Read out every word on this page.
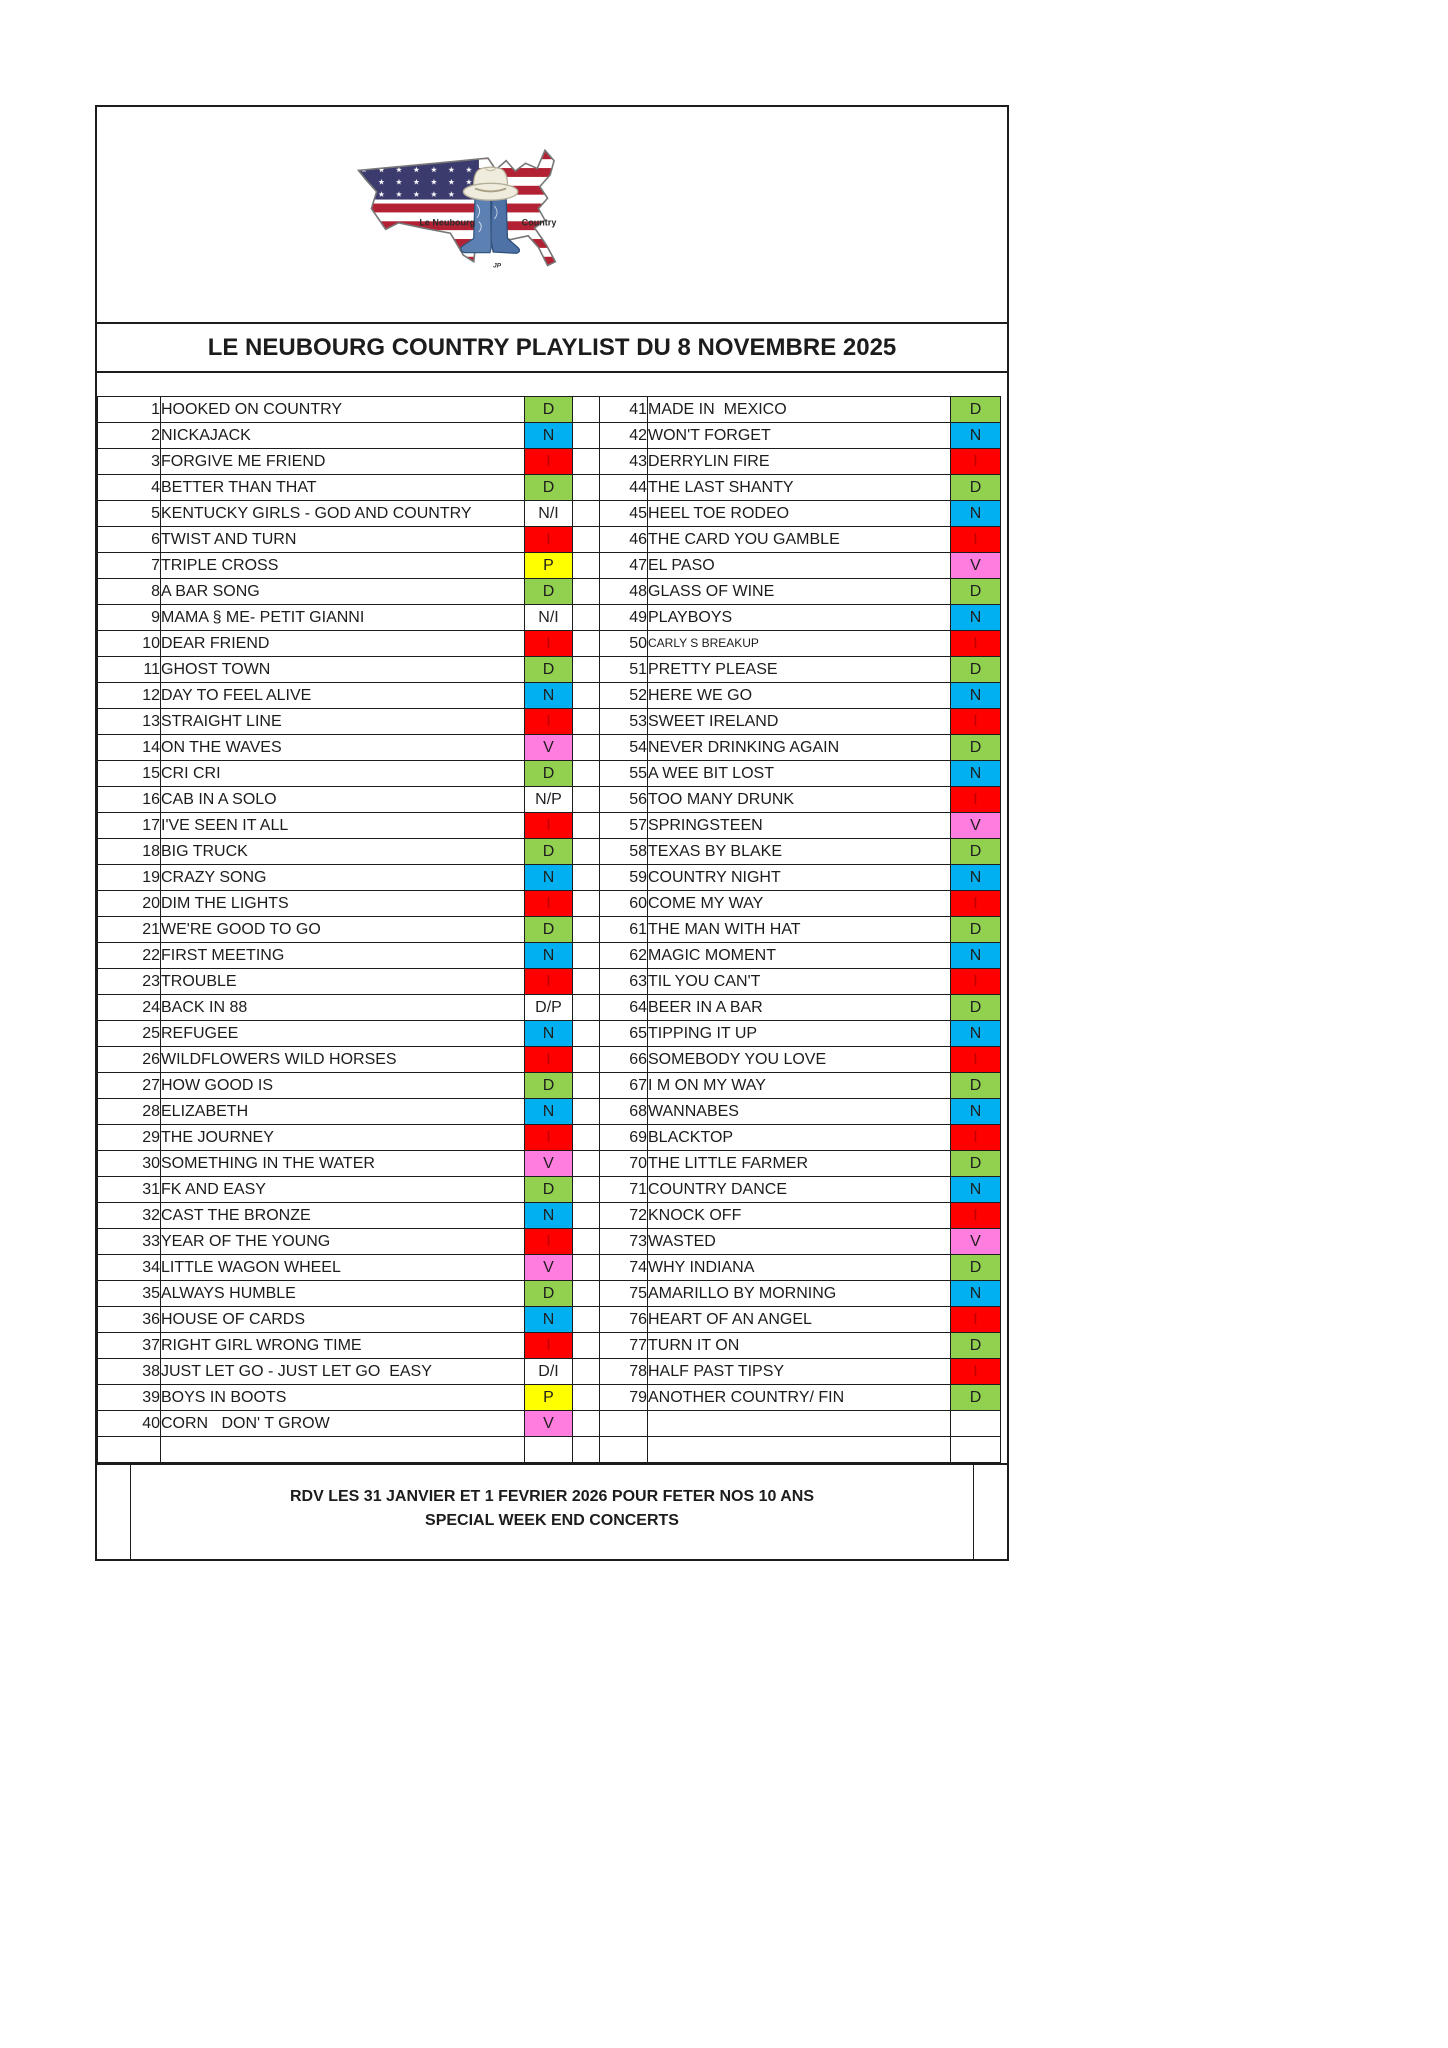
Le Neubourg	Country
JP
LE NEUBOURG COUNTRY PLAYLIST DU 8 NOVEMBRE 2025
1	HOOKED ON COUNTRY	D		41	MADE IN  MEXICO	D
2	NICKAJACK	N		42	WON'T FORGET	N
3	FORGIVE ME FRIEND	I		43	DERRYLIN FIRE	I
4	BETTER THAN THAT	D		44	THE LAST SHANTY	D
5	KENTUCKY GIRLS - GOD AND COUNTRY	N/I		45	HEEL TOE RODEO	N
6	TWIST AND TURN	I		46	THE CARD YOU GAMBLE	I
7	TRIPLE CROSS	P		47	EL PASO	V
8	A BAR SONG	D		48	GLASS OF WINE	D
9	MAMA § ME- PETIT GIANNI	N/I		49	PLAYBOYS	N
10	DEAR FRIEND	I		50	CARLY S BREAKUP	I
11	GHOST TOWN	D		51	PRETTY PLEASE	D
12	DAY TO FEEL ALIVE	N		52	HERE WE GO	N
13	STRAIGHT LINE	I		53	SWEET IRELAND	I
14	ON THE WAVES	V		54	NEVER DRINKING AGAIN	D
15	CRI CRI	D		55	A WEE BIT LOST	N
16	CAB IN A SOLO	N/P		56	TOO MANY DRUNK	I
17	I'VE SEEN IT ALL	I		57	SPRINGSTEEN	V
18	BIG TRUCK	D		58	TEXAS BY BLAKE	D
19	CRAZY SONG	N		59	COUNTRY NIGHT	N
20	DIM THE LIGHTS	I		60	COME MY WAY	I
21	WE'RE GOOD TO GO	D		61	THE MAN WITH HAT	D
22	FIRST MEETING	N		62	MAGIC MOMENT	N
23	TROUBLE	I		63	TIL YOU CAN'T	I
24	BACK IN 88	D/P		64	BEER IN A BAR	D
25	REFUGEE	N		65	TIPPING IT UP	N
26	WILDFLOWERS WILD HORSES	I		66	SOMEBODY YOU LOVE	I
27	HOW GOOD IS	D		67	I M ON MY WAY	D
28	ELIZABETH	N		68	WANNABES	N
29	THE JOURNEY	I		69	BLACKTOP	I
30	SOMETHING IN THE WATER	V		70	THE LITTLE FARMER	D
31	FK AND EASY	D		71	COUNTRY DANCE	N
32	CAST THE BRONZE	N		72	KNOCK OFF	I
33	YEAR OF THE YOUNG	I		73	WASTED	V
34	LITTLE WAGON WHEEL	V		74	WHY INDIANA	D
35	ALWAYS HUMBLE	D		75	AMARILLO BY MORNING	N
36	HOUSE OF CARDS	N		76	HEART OF AN ANGEL	I
37	RIGHT GIRL WRONG TIME	I		77	TURN IT ON	D
38	JUST LET GO - JUST LET GO  EASY	D/I		78	HALF PAST TIPSY	I
39	BOYS IN BOOTS	P		79	ANOTHER COUNTRY/ FIN	D
40	CORN   DON' T GROW	V				

RDV LES 31 JANVIER ET 1 FEVRIER 2026 POUR FETER NOS 10 ANS
SPECIAL WEEK END CONCERTS
